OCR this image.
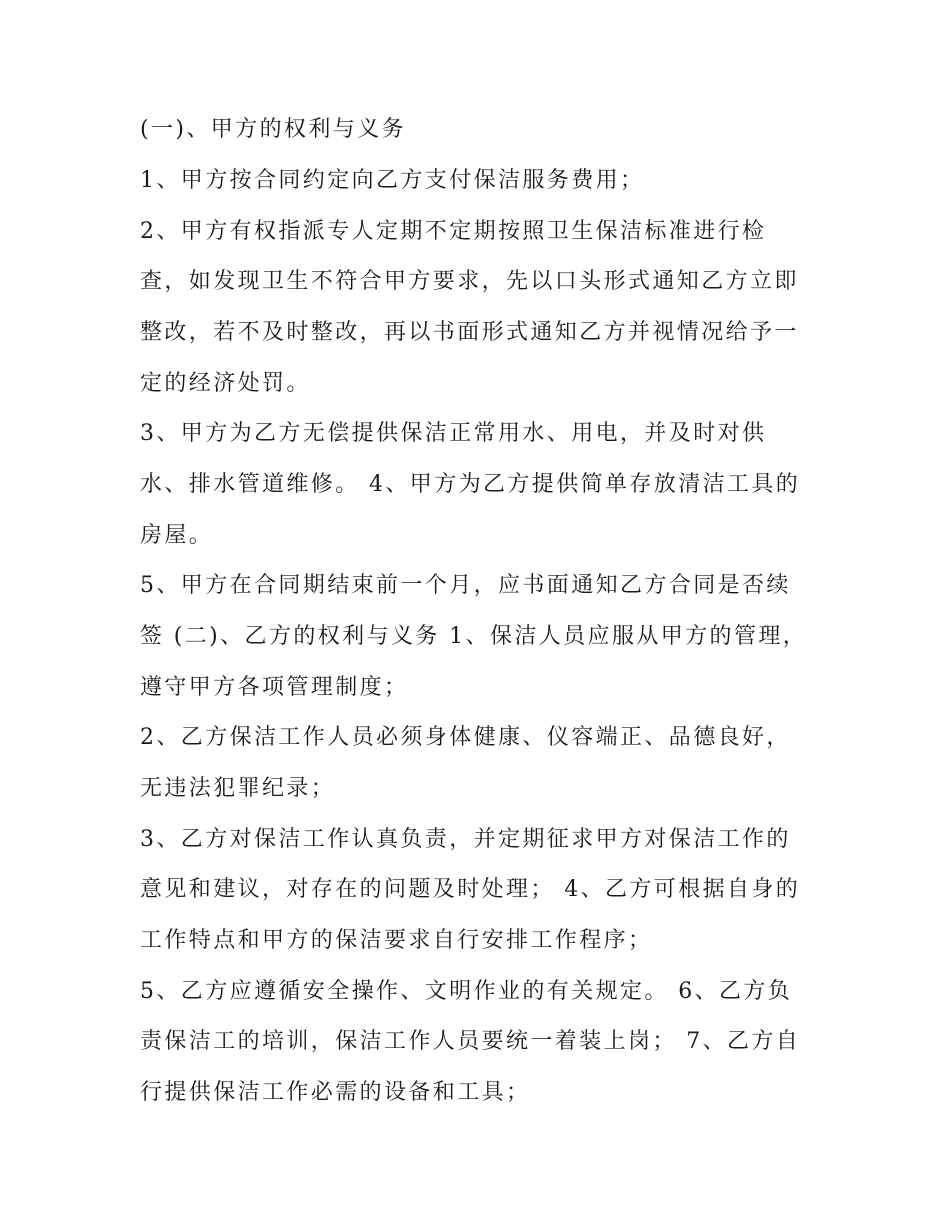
(一)、甲方的权利与义务

1、甲方按合同约定向乙方支付保洁服务费用；

2、甲方有权指派专人定期不定期按照卫生保洁标准进行检

查，如发现卫生不符合甲方要求，先以口头形式通知乙方立即

整改，若不及时整改，再以书面形式通知乙方并视情况给予一

定的经济处罚。

3、甲方为乙方无偿提供保洁正常用水、用电，并及时对供

水、排水管道维修。 4、甲方为乙方提供简单存放清洁工具的

房屋。

5、甲方在合同期结束前一个月，应书面通知乙方合同是否续

签 (二)、乙方的权利与义务 1、保洁人员应服从甲方的管理，

遵守甲方各项管理制度；

2、乙方保洁工作人员必须身体健康、仪容端正、品德良好，

无违法犯罪纪录；

3、乙方对保洁工作认真负责，并定期征求甲方对保洁工作的

意见和建议，对存在的问题及时处理； 4、乙方可根据自身的

工作特点和甲方的保洁要求自行安排工作程序；

5、乙方应遵循安全操作、文明作业的有关规定。 6、乙方负

责保洁工的培训，保洁工作人员要统一着装上岗； 7、乙方自

行提供保洁工作必需的设备和工具；
